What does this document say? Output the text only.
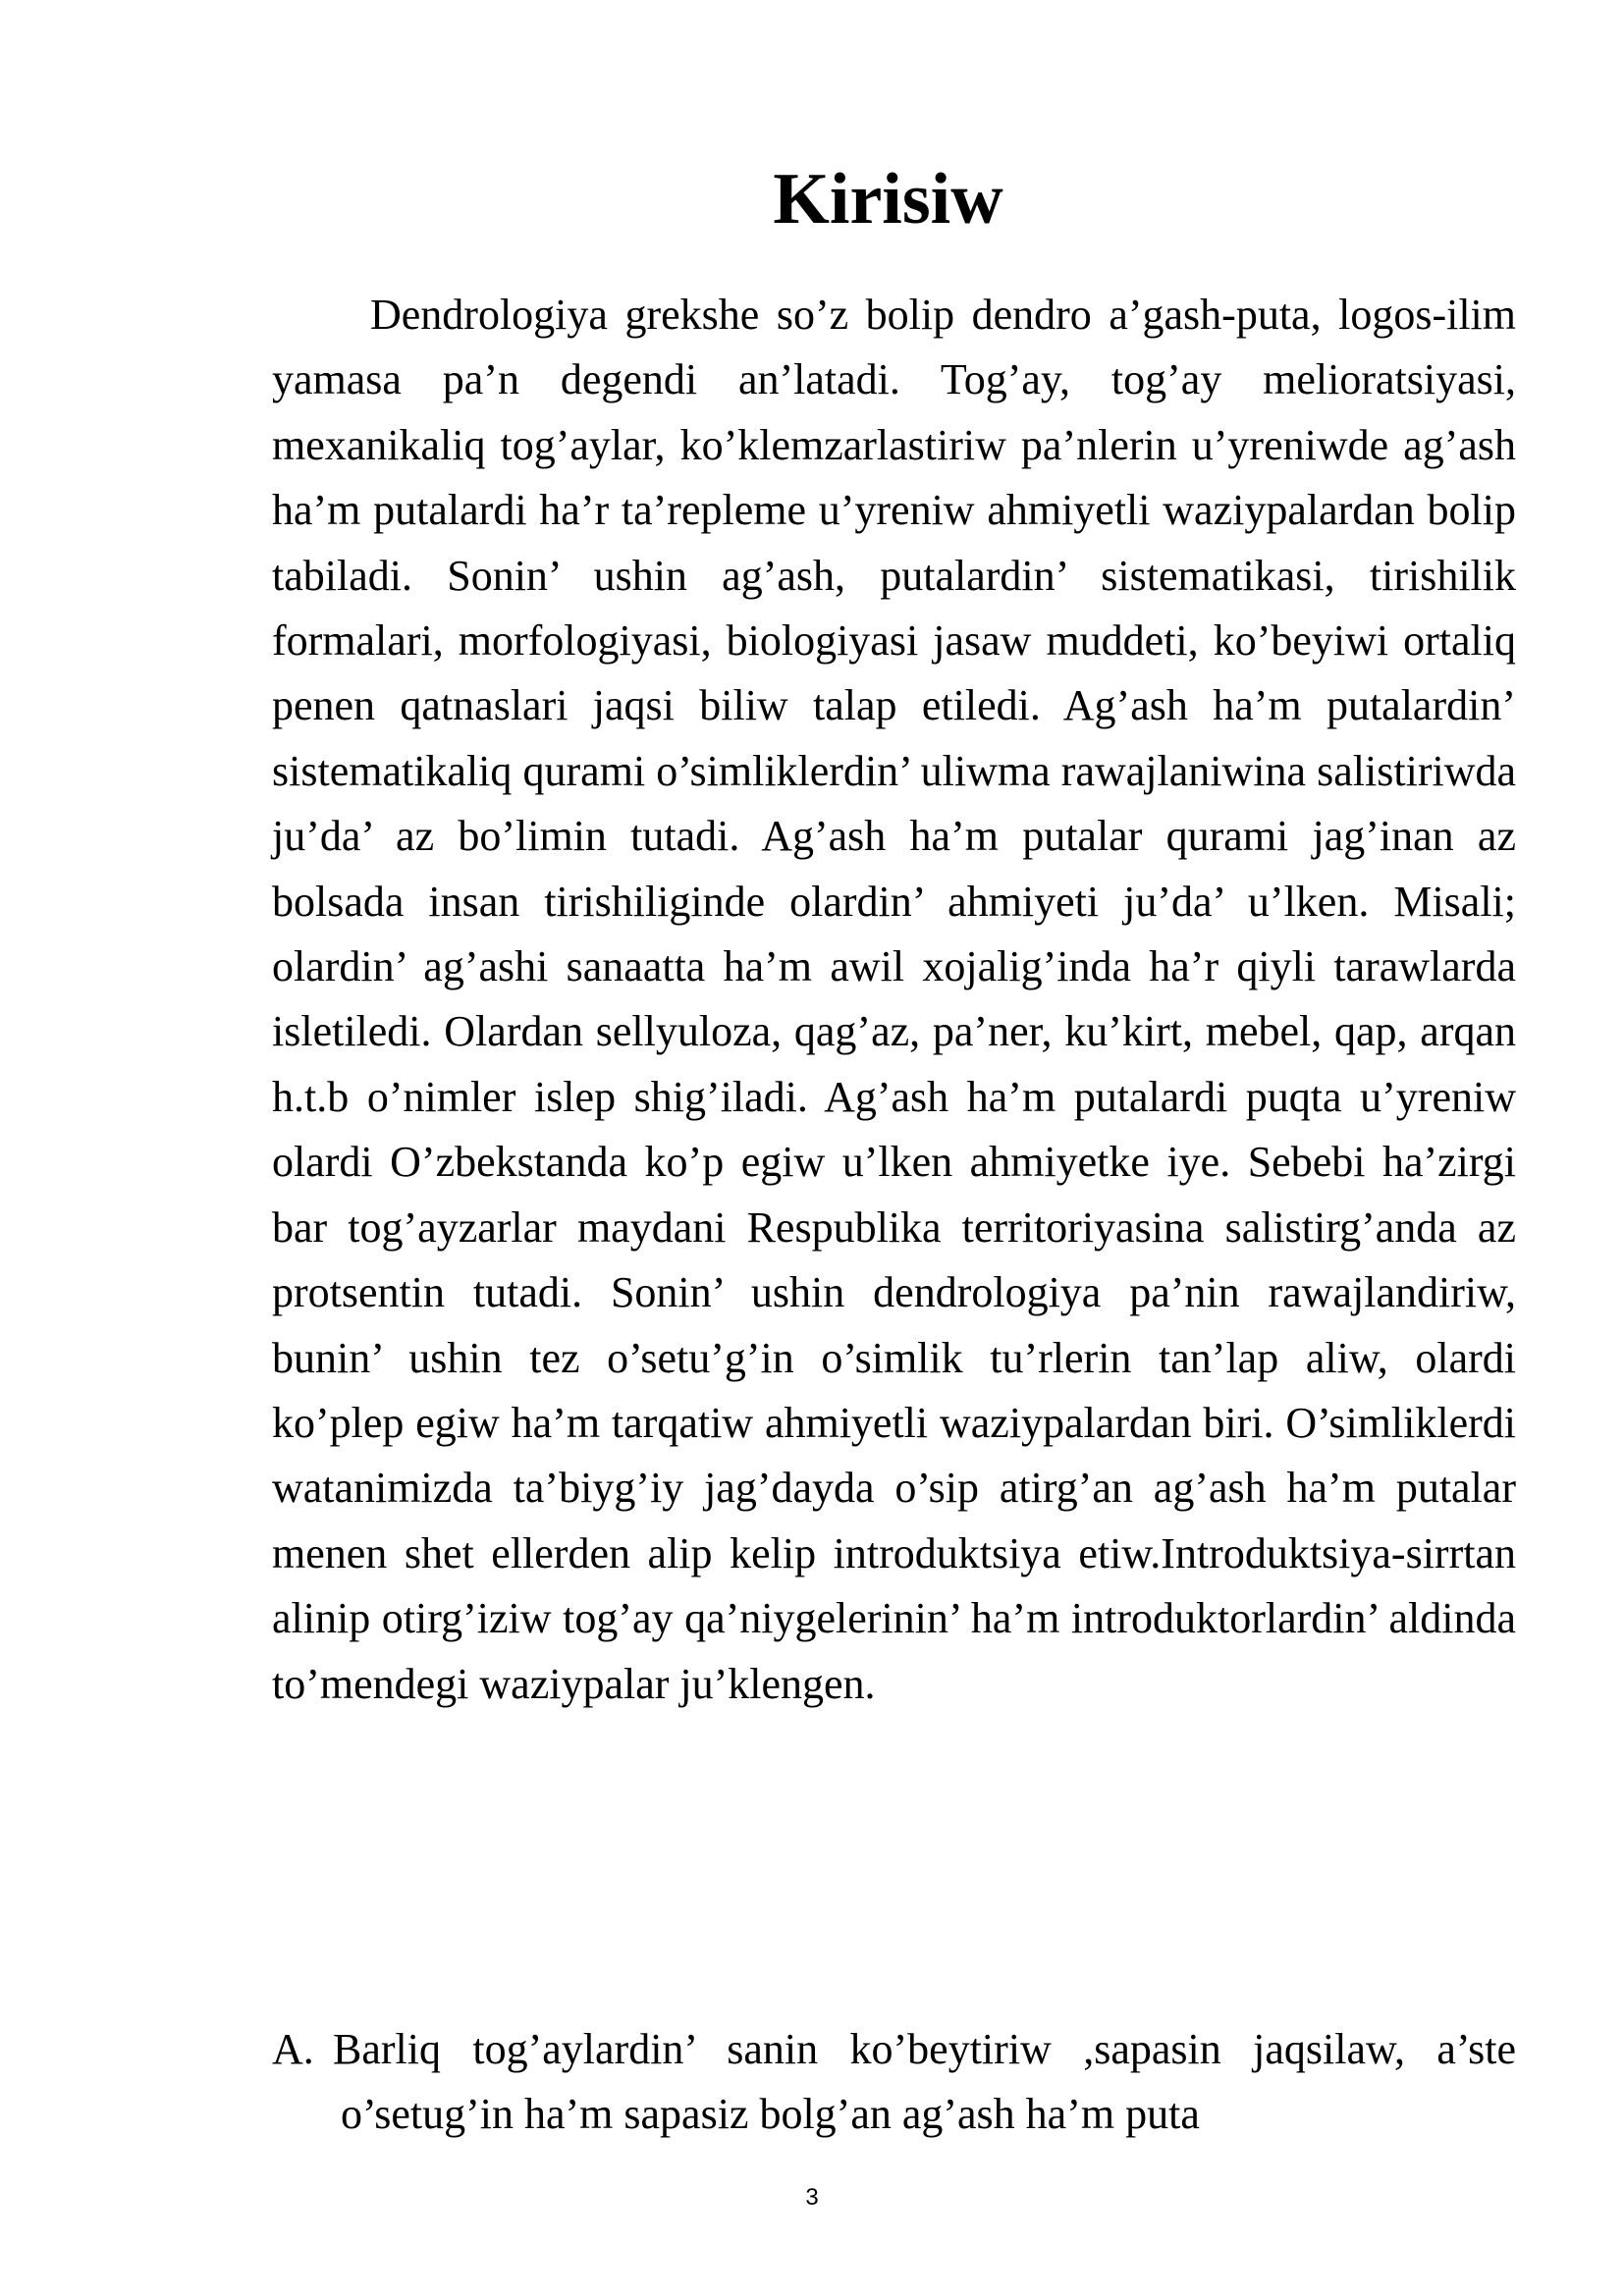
Kirisiw

Dendrologiya grekshe so’z bolip dendro a’gash-puta, logos-ilim yamasa pa’n degendi an’latadi. Tog’ay, tog’ay melioratsiyasi, mexanikaliq tog’aylar, ko’klemzarlastiriw pa’nlerin u’yreniwde ag’ash ha’m putalardi ha’r ta’repleme u’yreniw ahmiyetli waziypalardan bolip tabiladi. Sonin’ ushin ag’ash, putalardin’ sistematikasi, tirishilik formalari, morfologiyasi, biologiyasi jasaw muddeti, ko’beyiwi ortaliq penen qatnaslari jaqsi biliw talap etiledi. Ag’ash ha’m putalardin’ sistematikaliq qurami o’simliklerdin’ uliwma rawajlaniwina salistiriwda ju’da’ az bo’limin tutadi. Ag’ash ha’m putalar qurami jag’inan az bolsada insan tirishiliginde olardin’ ahmiyeti ju’da’ u’lken. Misali; olardin’ ag’ashi sanaatta ha’m awil xojalig’inda ha’r qiyli tarawlarda isletiledi. Olardan sellyuloza, qag’az, pa’ner, ku’kirt, mebel, qap, arqan h.t.b o’nimler islep shig’iladi. Ag’ash ha’m putalardi puqta u’yreniw olardi O’zbekstanda ko’p egiw u’lken ahmiyetke iye. Sebebi ha’zirgi bar tog’ayzarlar maydani Respublika territoriyasina salistirg’anda az protsentin tutadi. Sonin’ ushin dendrologiya pa’nin rawajlandiriw, bunin’ ushin tez o’setu’g’in o’simlik tu’rlerin tan’lap aliw, olardi ko’plep egiw ha’m tarqatiw ahmiyetli waziypalardan biri. O’simliklerdi watanimizda ta’biyg’iy jag’dayda o’sip atirg’an ag’ash ha’m putalar menen shet ellerden alip kelip introduktsiya etiw.Introduktsiya-sirrtan alinip otirg’iziw tog’ay qa’niygelerinin’ ha’m introduktorlardin’ aldinda to’mendegi waziypalar ju’klengen.

A. Barliq tog’aylardin’ sanin ko’beytiriw ,sapasin jaqsilaw, a’ste o’setug’in ha’m sapasiz bolg’an ag’ash ha’m puta
3
